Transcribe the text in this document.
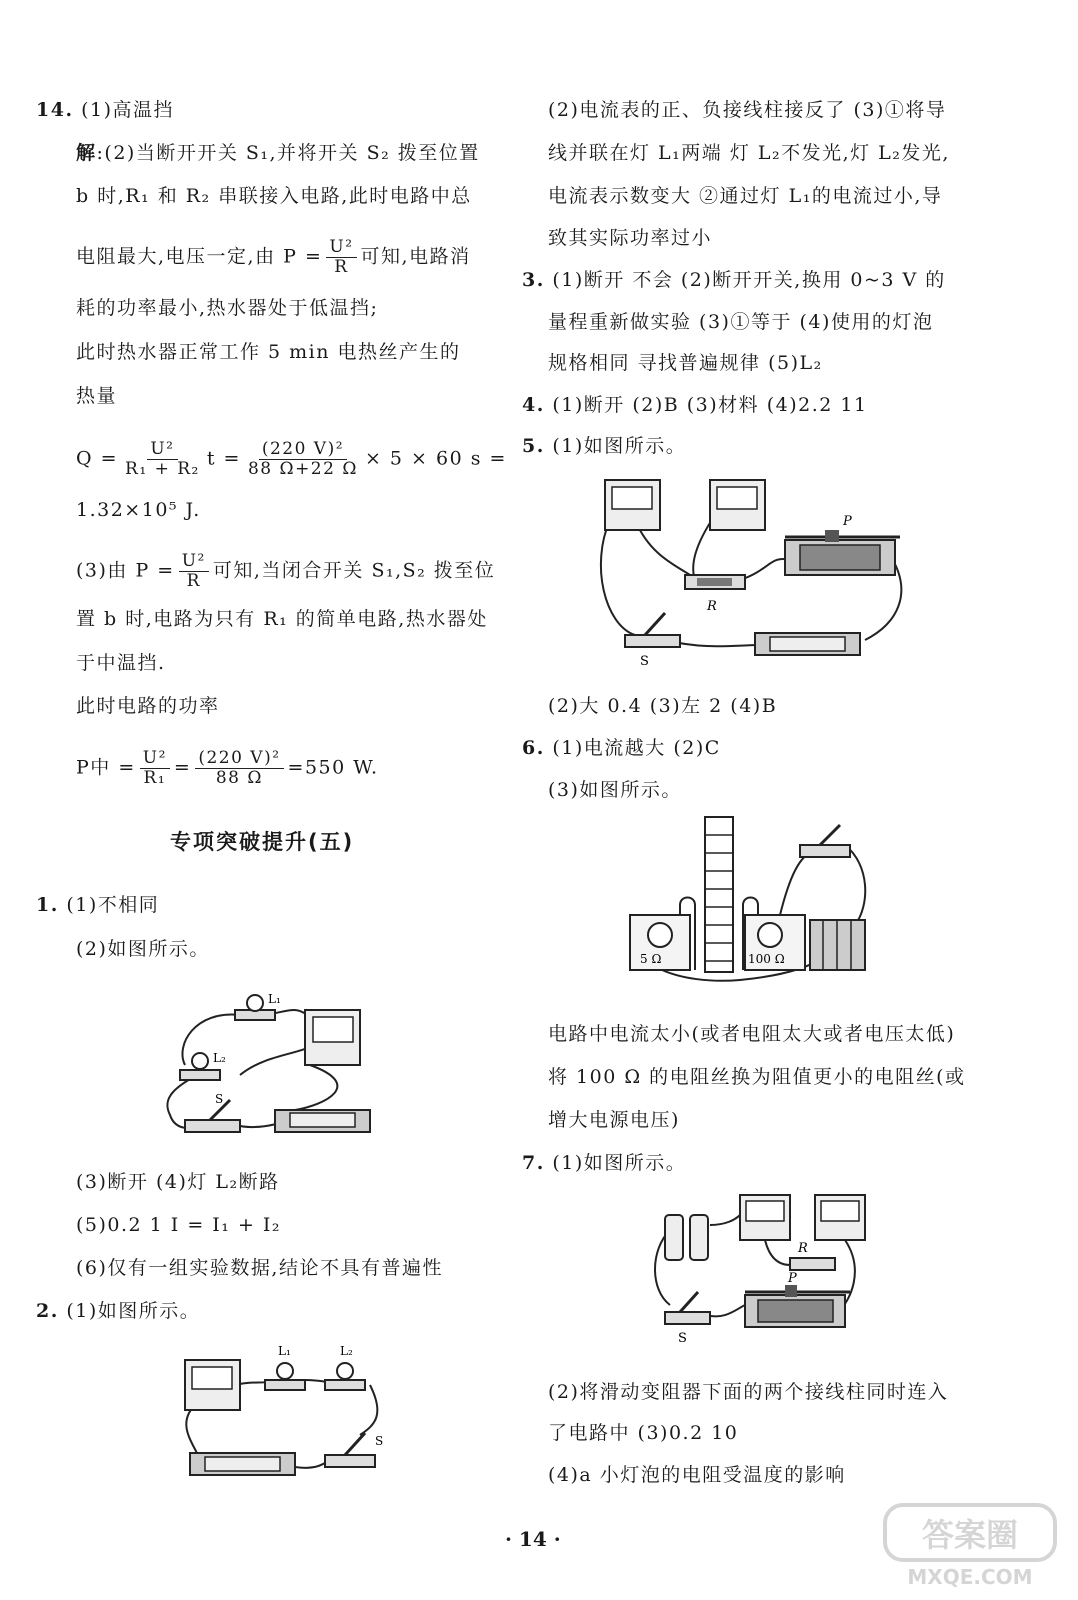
14. (1)高温挡
解:(2)当断开开关 S₁,并将开关 S₂ 拨至位置
b 时,R₁ 和 R₂ 串联接入电路,此时电路中总
电阻最大,电压一定,由 $P = \frac{\text{U²}}{R}$ 可知,电路消
耗的功率最小,热水器处于低温挡;
此时热水器正常工作 5 min 电热丝产生的
热量
$Q = \frac{\text{U²}}{\text{R₁ + R₂}}$ $t = \frac{\text{(220 V)²}}{88 \Omega+22 \Omega} \times 5 \times 60$ s =
1.32×10⁵ J.
(3)由 $P = \frac{\text{U²}}{R}$ 可知,当闭合开关 S₁,S₂ 拨至位
置 b 时,电路为只有 R₁ 的简单电路,热水器处
于中温挡.
此时电路的功率
P中 = $\frac{\text{U²}}{\text{R₁}} = \frac{\text{(220 V)²}}{88 \Omega} =550$ W.
专项突破提升(五)
1. (1)不相同
(2)如图所示。
L₁
L₂
S
(3)断开 (4)灯 L₂断路
(5)0.2 1 I = I₁ + I₂
(6)仅有一组实验数据,结论不具有普遍性
2. (1)如图所示。
L₁	L₂
S
(2)电流表的正、负接线柱接反了 (3)①将导
线并联在灯 L₁两端 灯 L₂不发光,灯 L₂发光,
电流表示数变大 ②通过灯 L₁的电流过小,导
致其实际功率过小
3. (1)断开 不会 (2)断开开关,换用 0~3 V 的
量程重新做实验 (3)①等于 (4)使用的灯泡
规格相同 寻找普遍规律 (5)L₂
4. (1)断开 (2)B (3)材料 (4)2.2 11
5. (1)如图所示。
R
P
S
(2)大 0.4 (3)左 2 (4)B
6. (1)电流越大 (2)C
(3)如图所示。
5 Ω	100 Ω
电路中电流太小(或者电阻太大或者电压太低)
将 100 Ω 的电阻丝换为阻值更小的电阻丝(或
增大电源电压)
7. (1)如图所示。
R
P
S
(2)将滑动变阻器下面的两个接线柱同时连入
了电路中 (3)0.2 10
(4)a 小灯泡的电阻受温度的影响
· 14 ·	答案圈
MXQE.COM
